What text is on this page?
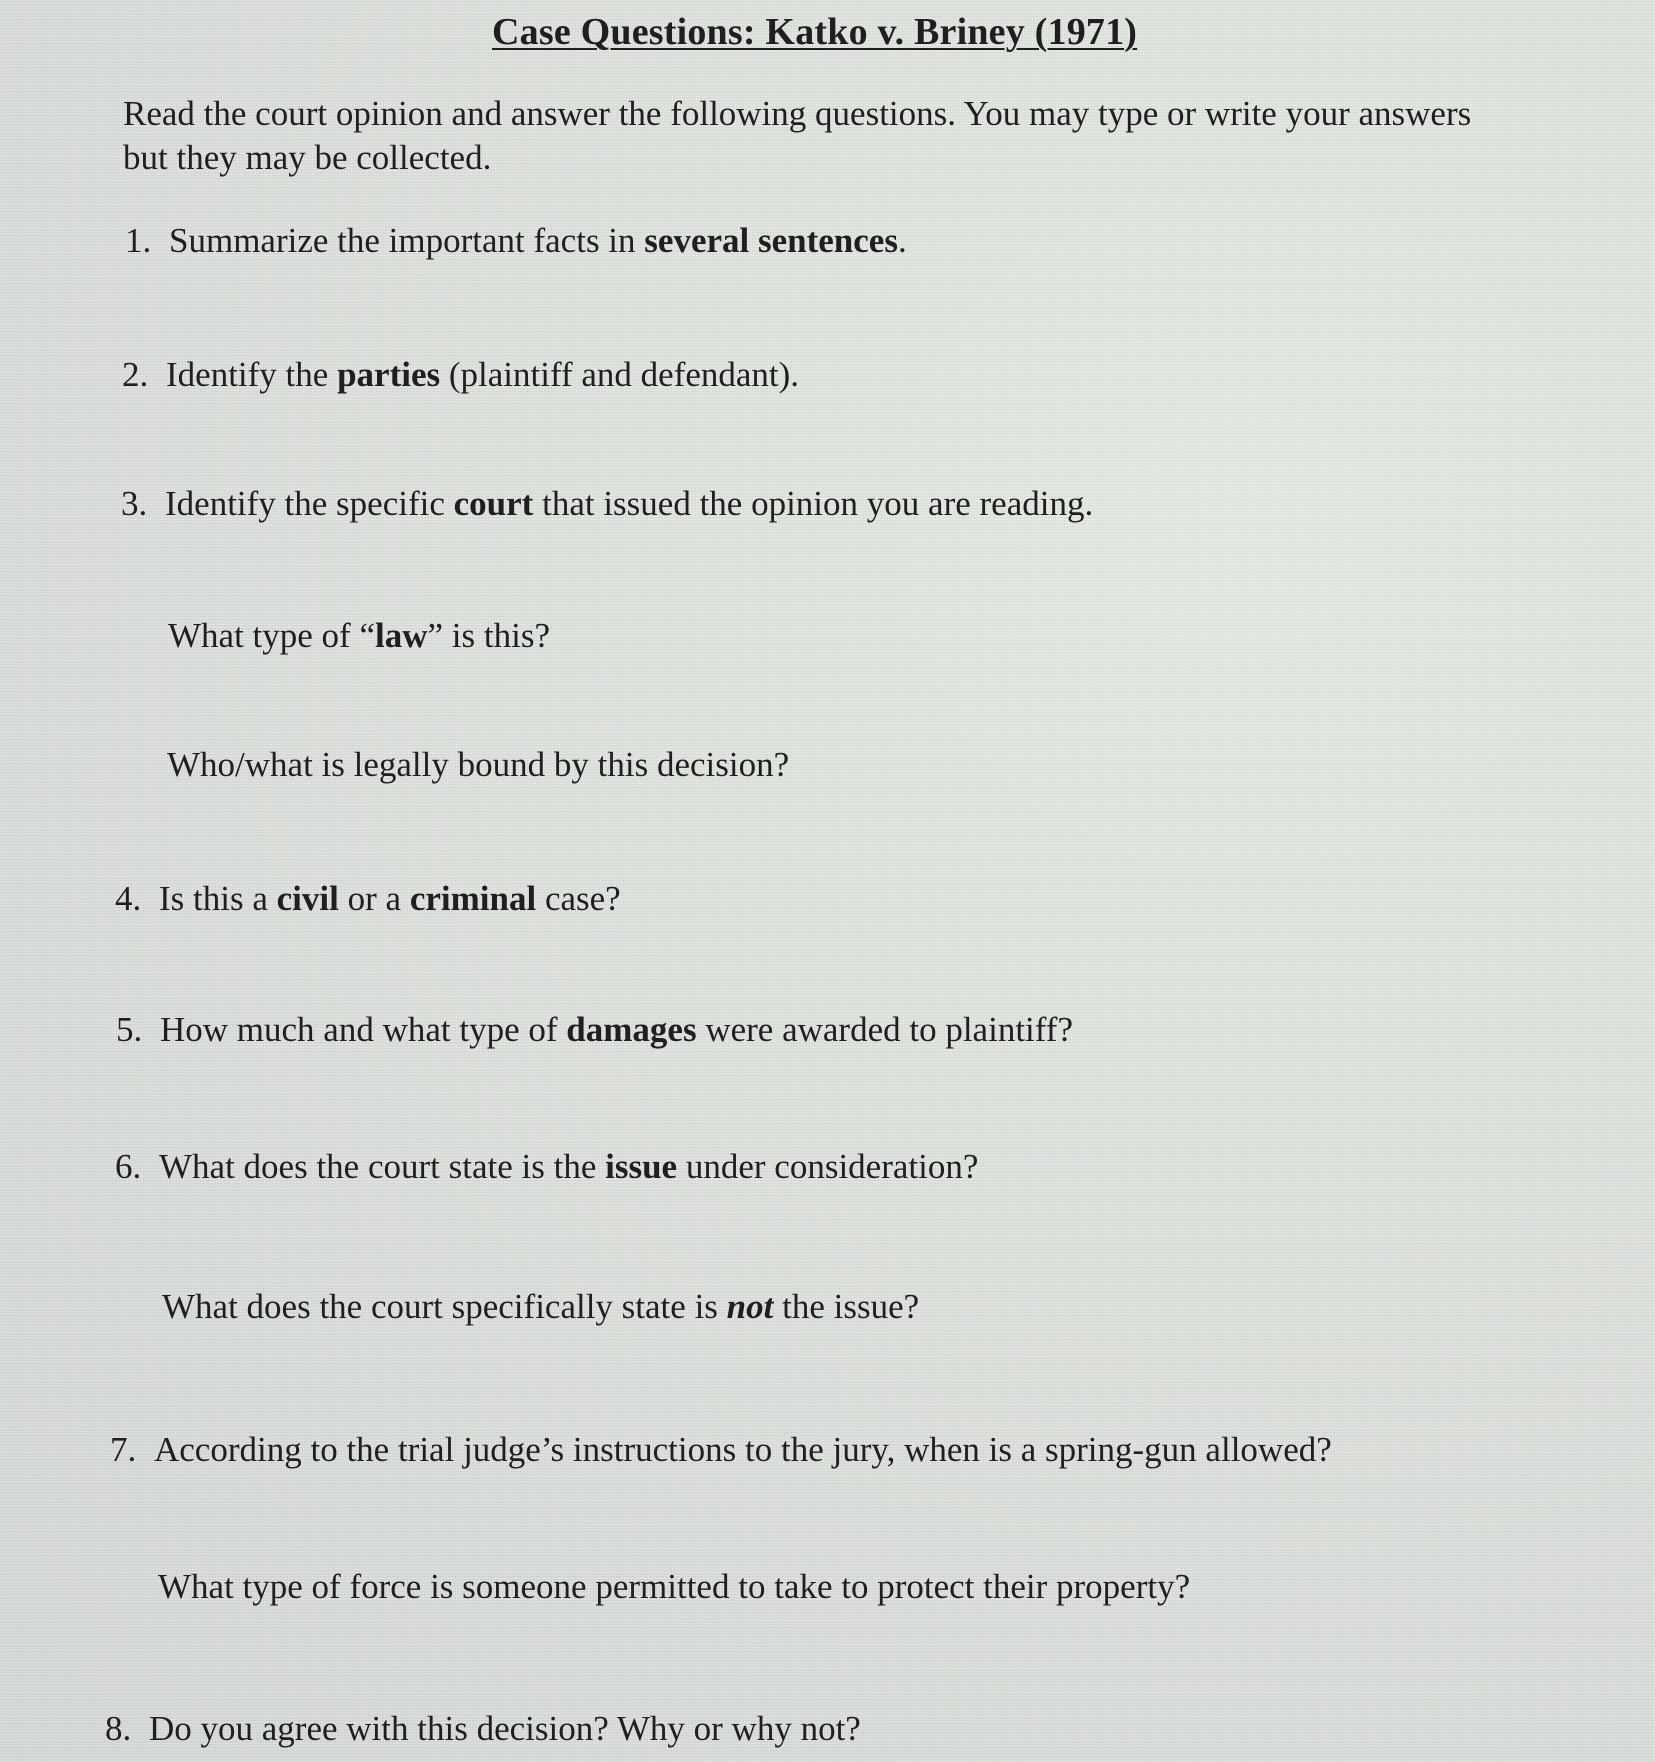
Case Questions: Katko v. Briney (1971)
Read the court opinion and answer the following questions. You may type or write your answers but they may be collected.
1. Summarize the important facts in several sentences.
2. Identify the parties (plaintiff and defendant).
3. Identify the specific court that issued the opinion you are reading.
What type of “law” is this?
Who/what is legally bound by this decision?
4. Is this a civil or a criminal case?
5. How much and what type of damages were awarded to plaintiff?
6. What does the court state is the issue under consideration?
What does the court specifically state is not the issue?
7. According to the trial judge’s instructions to the jury, when is a spring-gun allowed?
What type of force is someone permitted to take to protect their property?
8. Do you agree with this decision? Why or why not?
